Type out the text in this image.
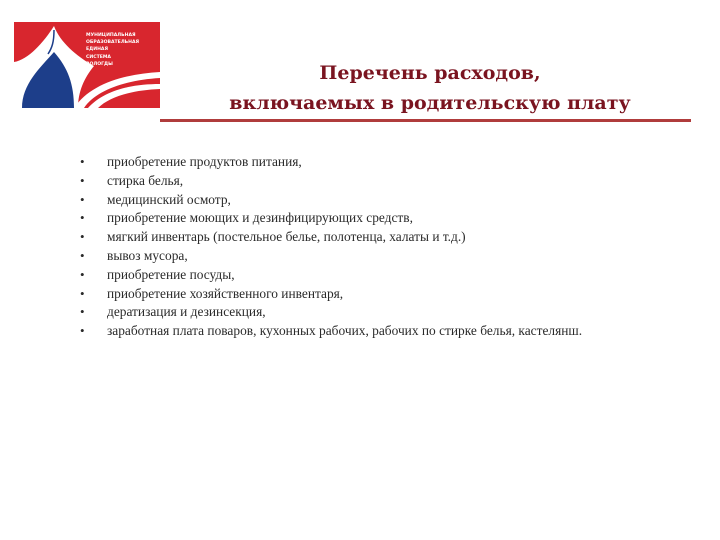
МУНИЦИПАЛЬНАЯ
ОБРАЗОВАТЕЛЬНАЯ
ЕДИНАЯ
СИСТЕМА
ВОЛОГДЫ	Перечень расходов,
включаемых в родительскую плату
•	приобретение продуктов питания,
•	стирка белья,
•	медицинский осмотр,
•	приобретение моющих и дезинфицирующих средств,
•	мягкий инвентарь (постельное белье, полотенца, халаты и т.д.)
•	вывоз мусора,
•	приобретение посуды,
•	приобретение хозяйственного инвентаря,
•	дератизация и дезинсекция,
•	заработная плата поваров, кухонных рабочих, рабочих по стирке белья, кастелянш.
